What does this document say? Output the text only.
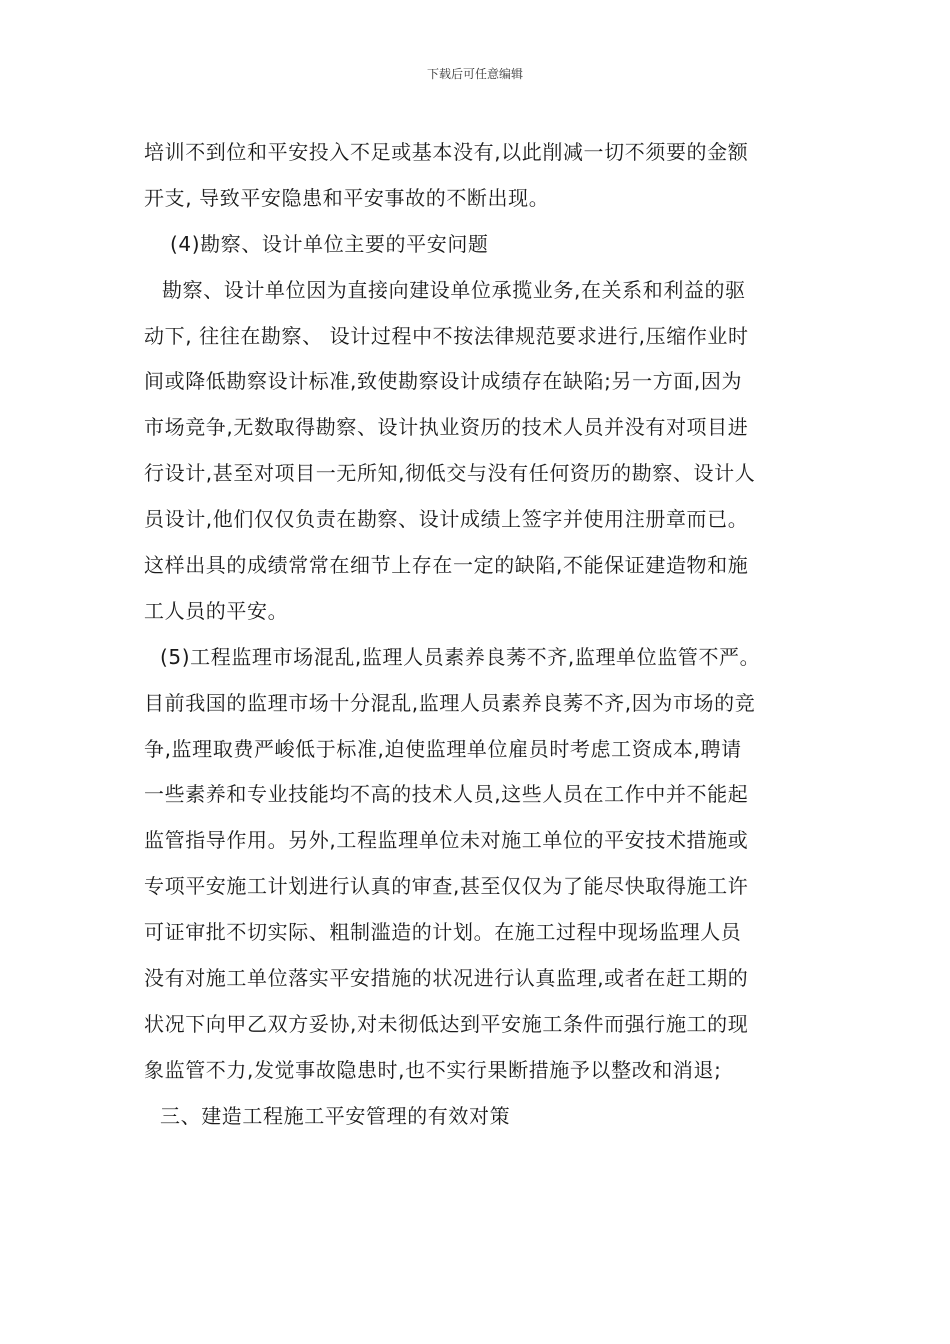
下载后可任意编辑
培训不到位和平安投入不足或基本没有,以此削减一切不须要的金额
开支, 导致平安隐患和平安事故的不断出现。
(4)勘察、设计单位主要的平安问题
勘察、设计单位因为直接向建设单位承揽业务,在关系和利益的驱
动下, 往往在勘察、 设计过程中不按法律规范要求进行,压缩作业时
间或降低勘察设计标准,致使勘察设计成绩存在缺陷;另一方面,因为
市场竞争,无数取得勘察、设计执业资历的技术人员并没有对项目进
行设计,甚至对项目一无所知,彻低交与没有任何资历的勘察、设计人
员设计,他们仅仅负责在勘察、设计成绩上签字并使用注册章而已。
这样出具的成绩常常在细节上存在一定的缺陷,不能保证建造物和施
工人员的平安。
(5)工程监理市场混乱,监理人员素养良莠不齐,监理单位监管不严。
目前我国的监理市场十分混乱,监理人员素养良莠不齐,因为市场的竞
争,监理取费严峻低于标准,迫使监理单位雇员时考虑工资成本,聘请
一些素养和专业技能均不高的技术人员,这些人员在工作中并不能起
监管指导作用。另外,工程监理单位未对施工单位的平安技术措施或
专项平安施工计划进行认真的审查,甚至仅仅为了能尽快取得施工许
可证审批不切实际、粗制滥造的计划。在施工过程中现场监理人员
没有对施工单位落实平安措施的状况进行认真监理,或者在赶工期的
状况下向甲乙双方妥协,对未彻低达到平安施工条件而强行施工的现
象监管不力,发觉事故隐患时,也不实行果断措施予以整改和消退;
三、建造工程施工平安管理的有效对策
